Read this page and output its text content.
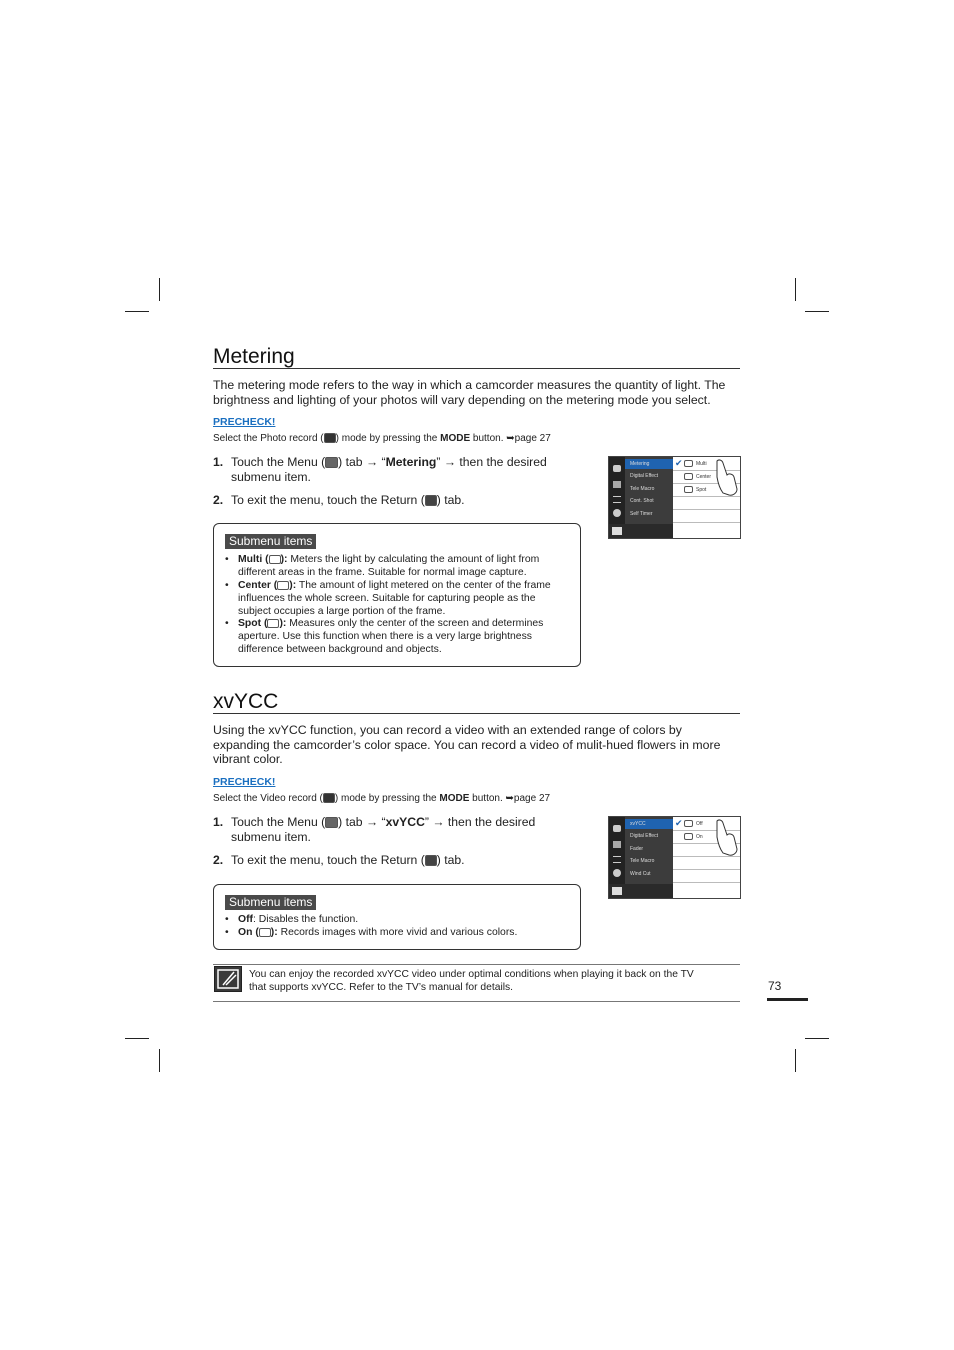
Metering
The metering mode refers to the way in which a camcorder measures the quantity of light. The brightness and lighting of your photos will vary depending on the metering mode you select.
PRECHECK!
Select the Photo record ( ) mode by pressing the MODE button. ➥page 27
1. Touch the Menu ( ) tab → “Metering” → then the desired
submenu item.
2. To exit the menu, touch the Return ( ) tab.
Metering
Digital Effect
Tele Macro
Cont. Shot
Self Timer
✔	Multi
Center
Spot
Submenu items
• Multi ( ): Meters the light by calculating the amount of light from
different areas in the frame. Suitable for normal image capture.
• Center ( ): The amount of light metered on the center of the frame
influences the whole screen. Suitable for capturing people as the
subject occupies a large portion of the frame.
• Spot ( ): Measures only the center of the screen and determines
aperture. Use this function when there is a very large brightness
difference between background and objects.
xvYCC
Using the xvYCC function, you can record a video with an extended range of colors by
expanding the camcorder’s color space. You can record a video of mulit-hued flowers in more
vibrant color.
PRECHECK!
Select the Video record ( ) mode by pressing the MODE button. ➥page 27
1. Touch the Menu ( ) tab → “xvYCC” → then the desired
submenu item.
2. To exit the menu, touch the Return ( ) tab.
xvYCC
Digital Effect
Fader
Tele Macro
Wind Cut
✔	Off
On
Submenu items
• Off: Disables the function.
• On ( ): Records images with more vivid and various colors.
You can enjoy the recorded xvYCC video under optimal conditions when playing it back on the TV
that supports xvYCC. Refer to the TV’s manual for details.	73
